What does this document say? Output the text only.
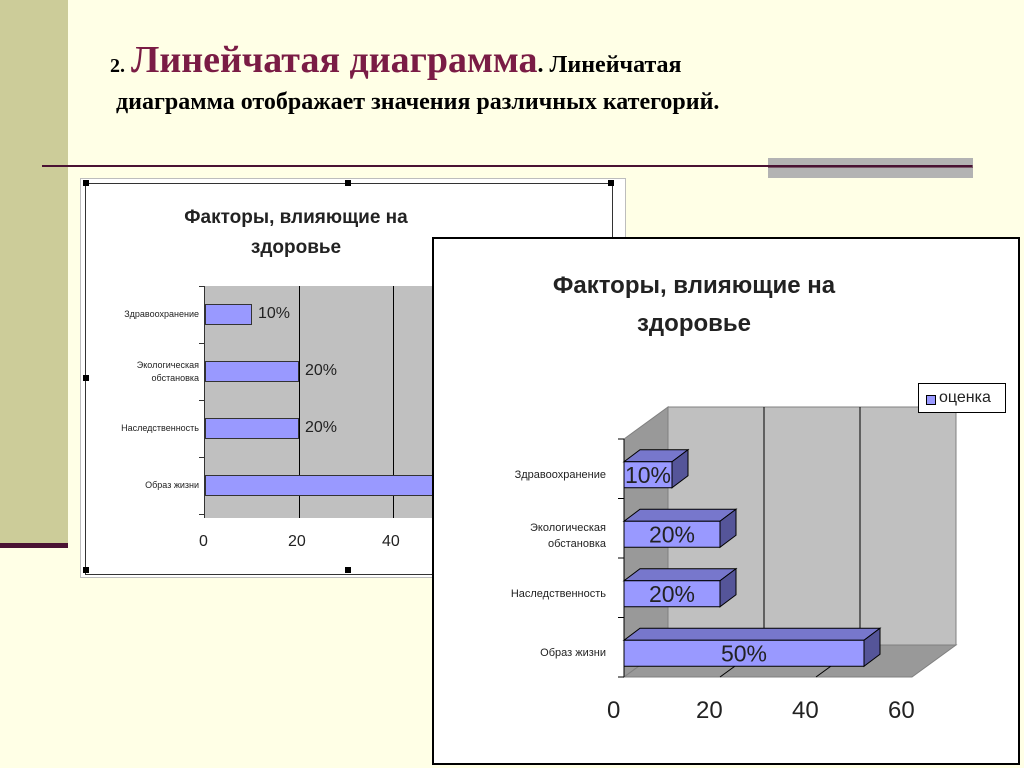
2. Линейчатая диаграмма. Линейчатая
диаграмма отображает значения различных категорий.
Факторы, влияющие на здоровье
10%
20%
20%
Здравоохранение
Экологическая
обстановка
Наследственность
Образ жизни
0	20	40
Факторы, влияющие на здоровье
10%
20%
20%
50%
Здравоохранение
Экологическая
обстановка
Наследственность
Образ жизни
0	20	40	60
оценка
